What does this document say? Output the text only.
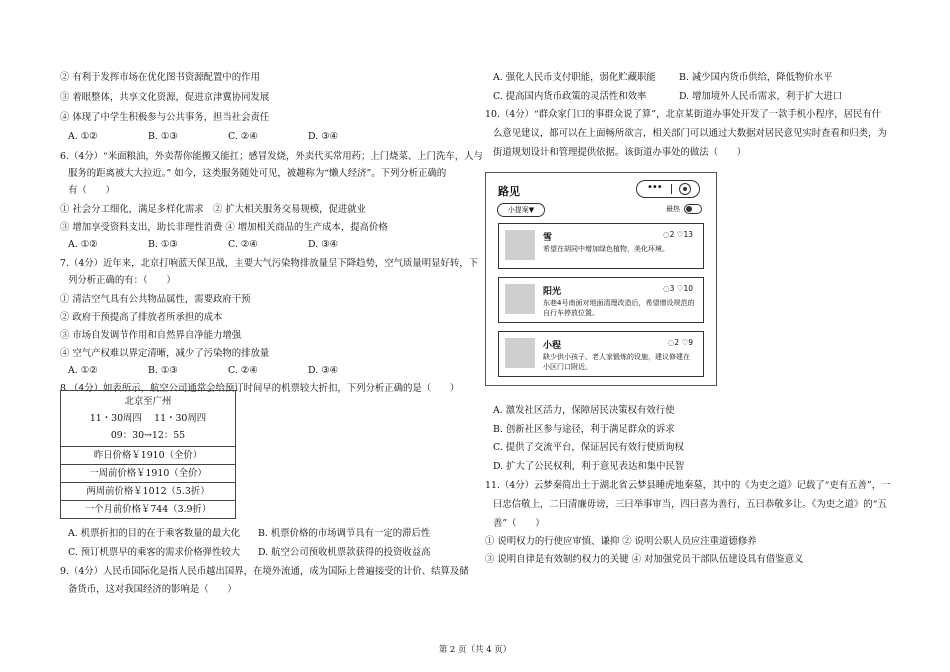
② 有利于发挥市场在优化图书资源配置中的作用
③ 着眼整体，共享文化资源，促进京津冀协同发展
④ 体现了中学生积极参与公共事务，担当社会责任
A. ①②	B. ①③	C. ②④	D. ③④
6.（4分）“米面粮油，外卖帮你能搬又能扛；感冒发烧，外卖代买常用药；上门烧菜、上门洗车，人与
服务的距离被大大拉近。” 如今，这类服务随处可见，被趣称为“懒人经济”。下列分析正确的
有（　　）
① 社会分工细化，满足多样化需求　② 扩大相关服务交易规模，促进就业
③ 增加享受资料支出，助长非理性消费 ④ 增加相关商品的生产成本，提高价格
A. ①②	B. ①③	C. ②④	D. ③④
7.（4分）近年来，北京打响蓝天保卫战，主要大气污染物排放量呈下降趋势，空气质量明显好转，下
列分析正确的有：（　　）
① 清洁空气具有公共物品属性，需要政府干预
② 政府干预提高了排放者所承担的成本
③ 市场自发调节作用和自然界自净能力增强
④ 空气产权难以界定清晰，减少了污染物的排放量
A. ①②	B. ①③	C. ②④	D. ③④
8.（4分）如表所示，航空公司通常会给预订时间早的机票较大折扣，下列分析正确的是（　　）
北京至广州
11・30周四　 11・30周四
09：30→12：55

昨日价格￥1910（全价）
一周前价格￥1910（全价）
两周前价格￥1012（5.3折）
一个月前价格￥744（3.9折）
A. 机票折扣的目的在于乘客数量的最大化	B. 机票价格的市场调节具有一定的滞后性
C. 预订机票早的乘客的需求价格弹性较大	D. 航空公司预收机票款获得的投资收益高
9.（4分）人民币国际化是指人民币越出国界，在境外流通，成为国际上普遍接受的计价、结算及储
备货币，这对我国经济的影响是（　　）
A. 强化人民币支付职能，弱化贮藏职能	B. 减少国内货币供给，降低物价水平
C. 提高国内货币政策的灵活性和效率	D. 增加境外人民币需求，利于扩大进口
10.（4分）“群众家门口的事群众说了算”，北京某街道办事处开发了一款手机小程序，居民有什
么意见建议，都可以在上面畅所欲言，相关部门可以通过大数据对居民意见实时查看和归类，为
街道规划设计和管理提供依据。该街道办事处的做法（　　）
路见	•••
小提案▼	最热
雪	◌2 ♡13
希望在胡同中增加绿色植物，美化环境。
阳光	◌3 ♡10
东巷4号南面对地面清理改造后，希望增设规范的自行车停放位置。
小程	◌2 ♡9
缺少供小孩子、老人家锻炼的设施，建议修建在小区门口附近。
A. 激发社区活力，保障居民决策权有效行使
B. 创新社区参与途径，利于满足群众的诉求
C. 提供了交流平台，保证居民有效行使质询权
D. 扩大了公民权利，利于意见表达和集中民智
11.（4分）云梦秦简出土于湖北省云梦县睡虎地秦墓，其中的《为吏之道》记载了“吏有五善”，一
曰忠信敬上，二曰清廉毋谤，三曰举事审当，四曰喜为善行，五曰恭敬多让。《为吏之道》的“五
善”（　　）
① 说明权力的行使应审慎、谦抑 ② 说明公职人员应注重道德修养
③ 说明自律是有效制约权力的关键 ④ 对加强党员干部队伍建设具有借鉴意义
第 2 页（共 4 页）
